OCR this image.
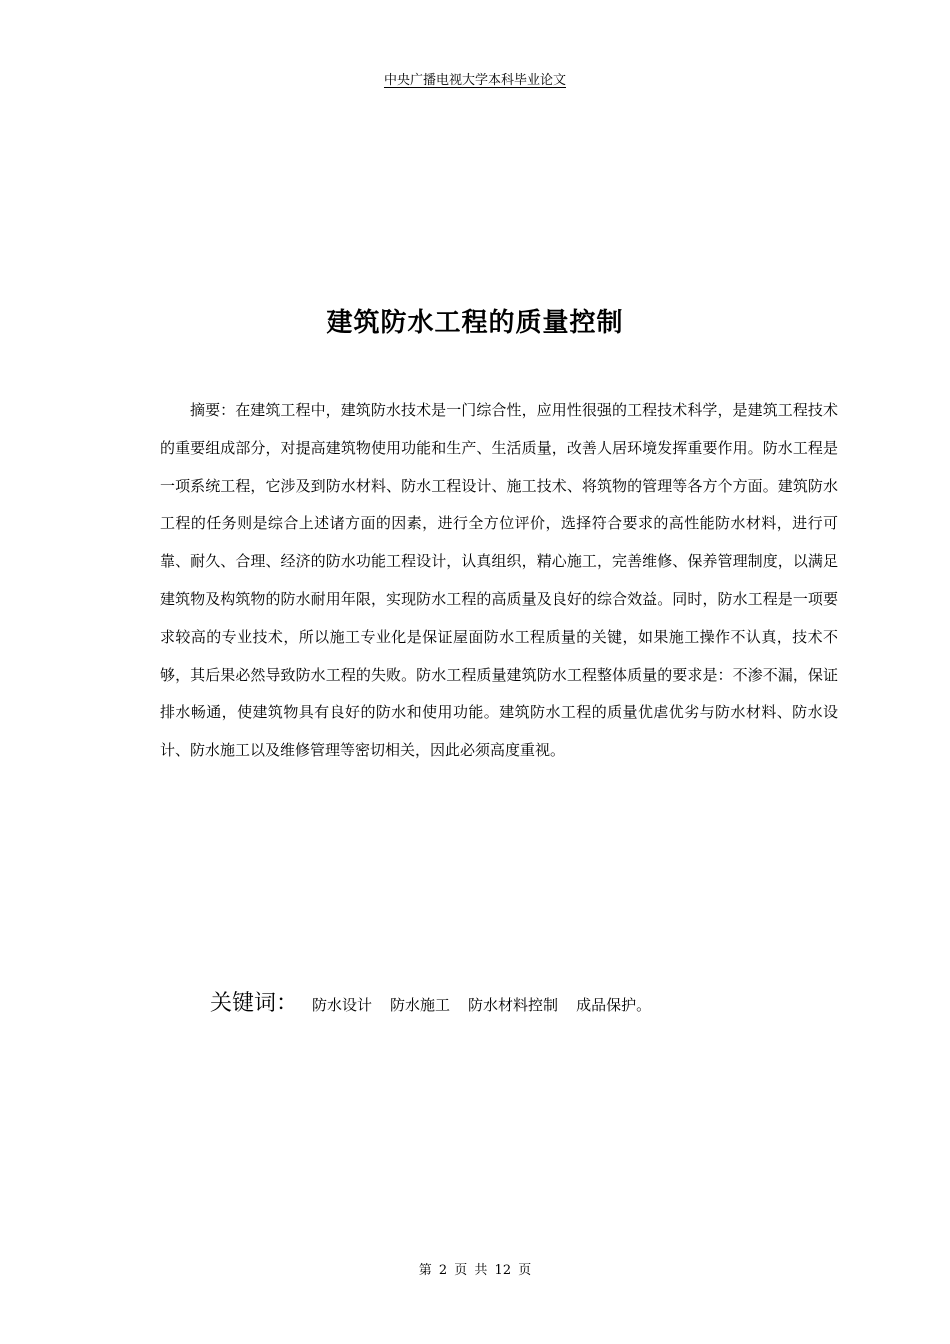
中央广播电视大学本科毕业论文
建筑防水工程的质量控制

摘要：在建筑工程中，建筑防水技术是一门综合性，应用性很强的工程技术科学，是建筑工程技术的重要组成部分，对提高建筑物使用功能和生产、生活质量，改善人居环境发挥重要作用。防水工程是一项系统工程，它涉及到防水材料、防水工程设计、施工技术、将筑物的管理等各方个方面。建筑防水工程的任务则是综合上述诸方面的因素，进行全方位评价，选择符合要求的高性能防水材料，进行可靠、耐久、合理、经济的防水功能工程设计，认真组织，精心施工，完善维修、保养管理制度，以满足建筑物及构筑物的防水耐用年限，实现防水工程的高质量及良好的综合效益。同时，防水工程是一项要求较高的专业技术，所以施工专业化是保证屋面防水工程质量的关键，如果施工操作不认真，技术不够，其后果必然导致防水工程的失败。防水工程质量建筑防水工程整体质量的要求是：不渗不漏，保证排水畅通，使建筑物具有良好的防水和使用功能。建筑防水工程的质量优虐优劣与防水材料、防水设计、防水施工以及维修管理等密切相关，因此必须高度重视。

关键词： 防水设计 防水施工 防水材料控制 成品保护。
第 2 页 共 12 页
